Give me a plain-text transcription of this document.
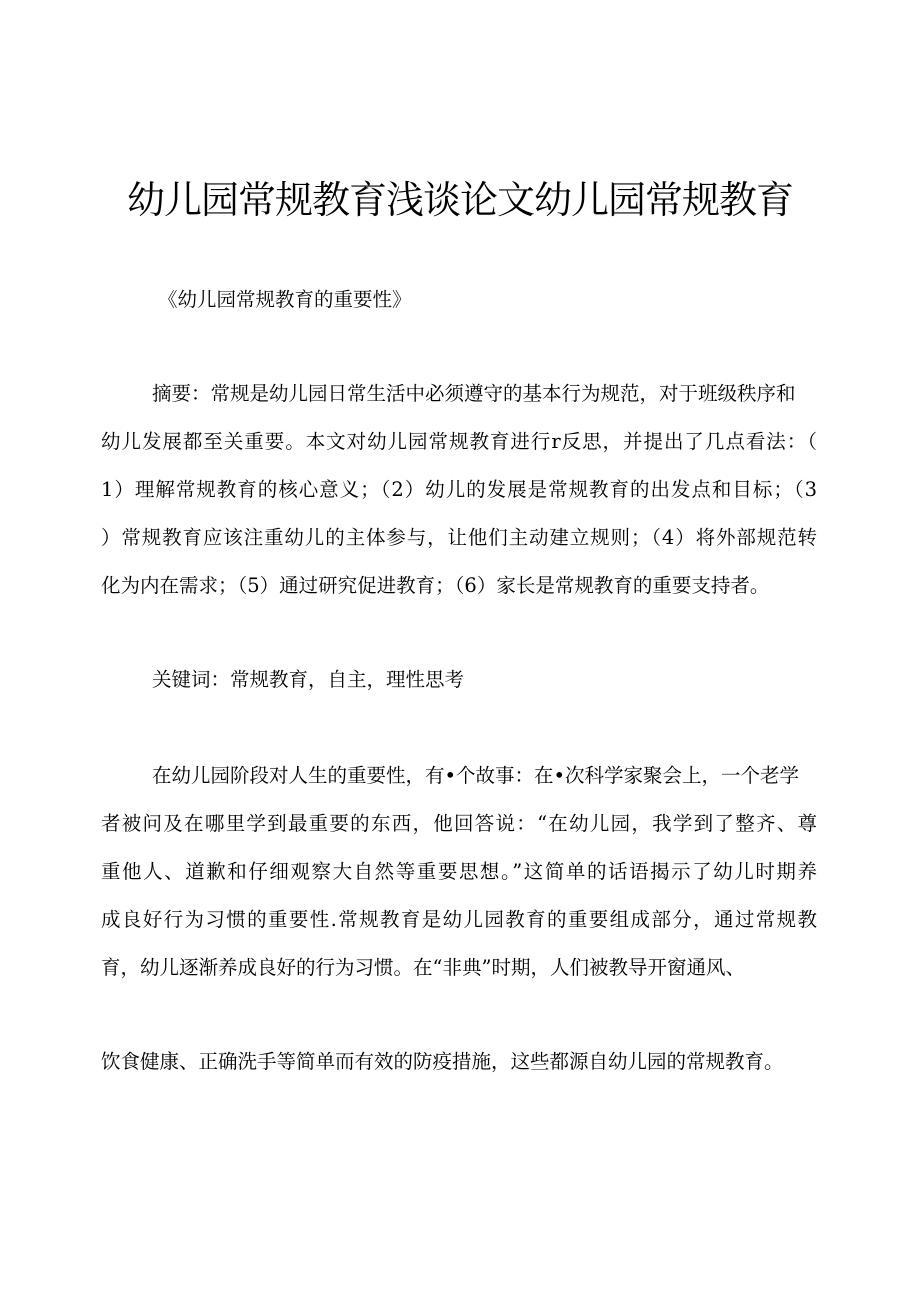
幼儿园常规教育浅谈论文幼儿园常规教育

《幼儿园常规教育的重要性》

摘要：常规是幼儿园日常生活中必须遵守的基本行为规范，对于班级秩序和

幼儿发展都至关重要。本文对幼儿园常规教育进行r反思，并提出了几点看法：（

1）理解常规教育的核心意义；（2）幼儿的发展是常规教育的出发点和目标；（3

）常规教育应该注重幼儿的主体参与，让他们主动建立规则；（4）将外部规范转

化为内在需求；（5）通过研究促进教育；（6）家长是常规教育的重要支持者。

关键词：常规教育，自主，理性思考

在幼儿园阶段对人生的重要性，有•个故事：在•次科学家聚会上，一个老学

者被问及在哪里学到最重要的东西，他回答说：“在幼儿园，我学到了整齐、尊

重他人、道歉和仔细观察大自然等重要思想。”这简单的话语揭示了幼儿时期养

成良好行为习惯的重要性.常规教育是幼儿园教育的重要组成部分，通过常规教

育，幼儿逐渐养成良好的行为习惯。在“非典”时期，人们被教导开窗通风、

饮食健康、正确洗手等简单而有效的防疫措施，这些都源自幼儿园的常规教育。
